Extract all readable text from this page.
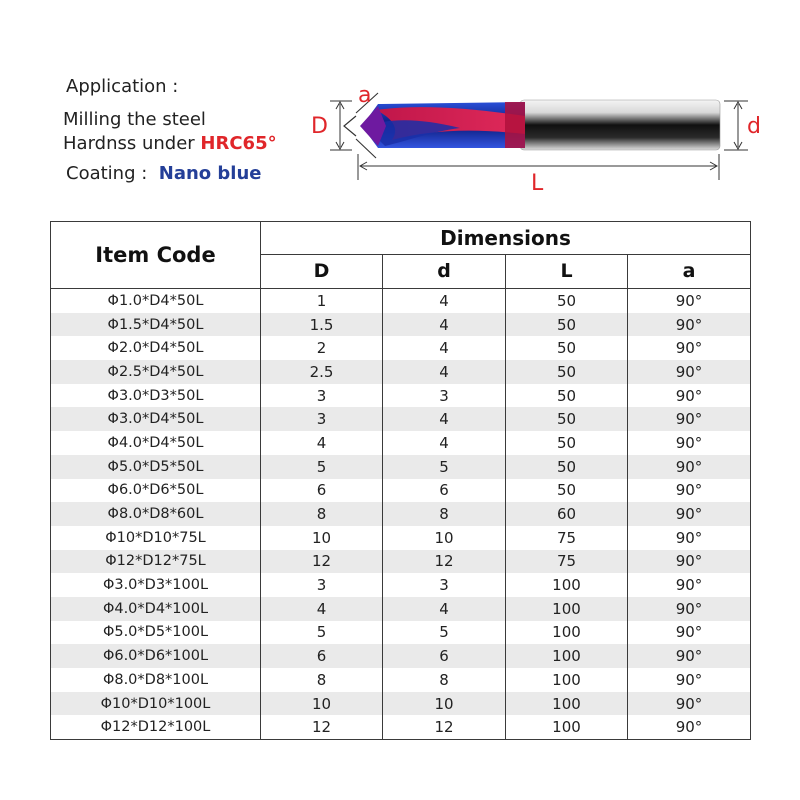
Application :
Milling the steel
Hardnss under HRC65°
Coating : Nano blue
a
D	d
L
Item Code	Dimensions			
	D	d	L	a
Φ1.0*D4*50L	1	4	50	90°
Φ1.5*D4*50L	1.5	4	50	90°
Φ2.0*D4*50L	2	4	50	90°
Φ2.5*D4*50L	2.5	4	50	90°
Φ3.0*D3*50L	3	3	50	90°
Φ3.0*D4*50L	3	4	50	90°
Φ4.0*D4*50L	4	4	50	90°
Φ5.0*D5*50L	5	5	50	90°
Φ6.0*D6*50L	6	6	50	90°
Φ8.0*D8*60L	8	8	60	90°
Φ10*D10*75L	10	10	75	90°
Φ12*D12*75L	12	12	75	90°
Φ3.0*D3*100L	3	3	100	90°
Φ4.0*D4*100L	4	4	100	90°
Φ5.0*D5*100L	5	5	100	90°
Φ6.0*D6*100L	6	6	100	90°
Φ8.0*D8*100L	8	8	100	90°
Φ10*D10*100L	10	10	100	90°
Φ12*D12*100L	12	12	100	90°
